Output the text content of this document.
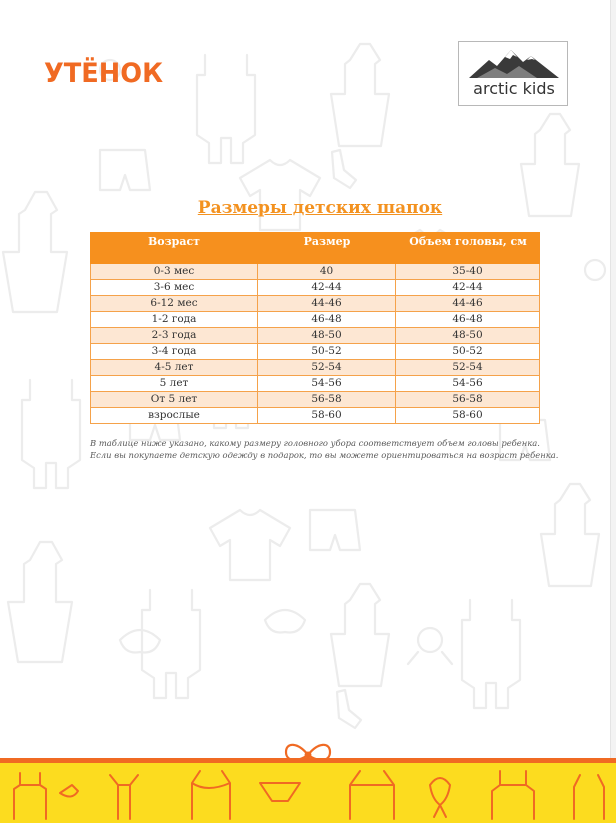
УТЁНОК	arctic kids
Размеры детских шапок
Возраст	Размер	Объем головы, см
0-3 мес	40	35-40
3-6 мес	42-44	42-44
6-12 мес	44-46	44-46
1-2 года	46-48	46-48
2-3 года	48-50	48-50
3-4 года	50-52	50-52
4-5 лет	52-54	52-54
5 лет	54-56	54-56
От 5 лет	56-58	56-58
взрослые	58-60	58-60
В таблице ниже указано, какому размеру головного убора соответствует объем головы ребенка. Если вы покупаете детскую одежду в подарок, то вы можете ориентироваться на возраст ребенка.
